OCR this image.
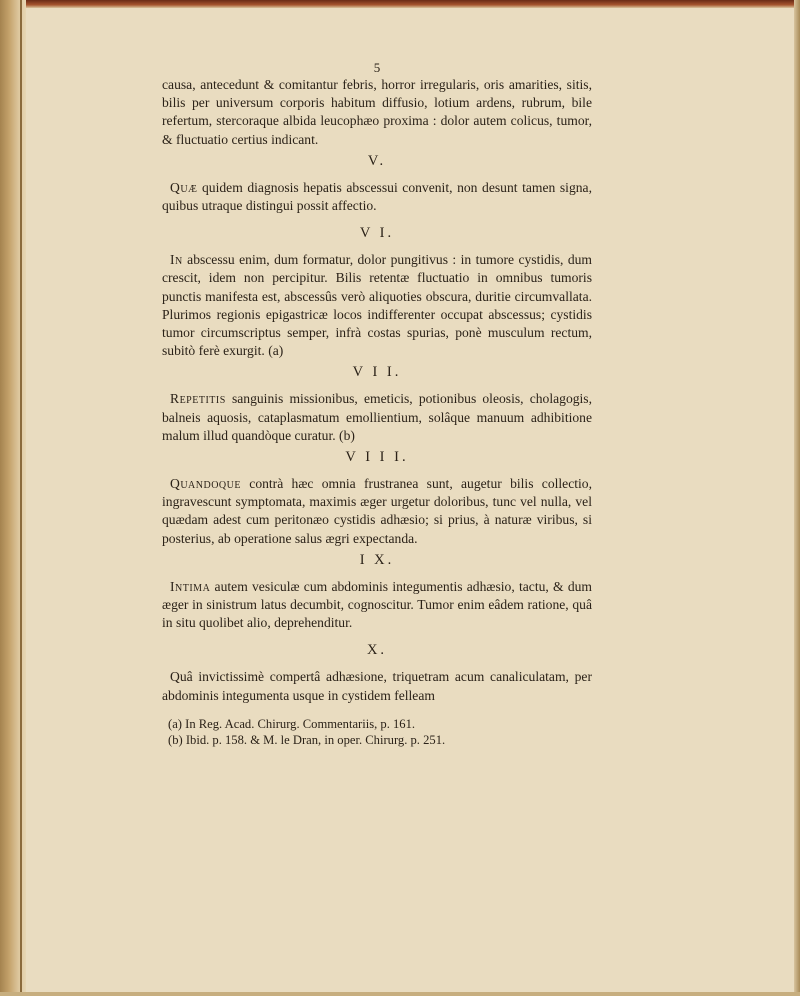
5

causa, antecedunt & comitantur febris, horror irregularis, oris amarities, sitis, bilis per universum corporis habitum diffusio, lotium ardens, rubrum, bile refertum, stercoraque albida leucophæo proxima : dolor autem colicus, tumor, & fluctuatio certius indicant.

V.

Quæ quidem diagnosis hepatis abscessui convenit, non desunt tamen signa, quibus utraque distingui possit affectio.

V I.

In abscessu enim, dum formatur, dolor pungitivus : in tumore cystidis, dum crescit, idem non percipitur. Bilis retentæ fluctuatio in omnibus tumoris punctis manifesta est, abscessûs verò aliquoties obscura, duritie circumvallata. Plurimos regionis epigastricæ locos indifferenter occupat abscessus; cystidis tumor circumscriptus semper, infrà costas spurias, ponè musculum rectum, subitò ferè exurgit. (a)

V I I.

Repetitis sanguinis missionibus, emeticis, potionibus oleosis, cholagogis, balneis aquosis, cataplasmatum emollientium, solâque manuum adhibitione malum illud quandòque curatur. (b)

V I I I.

Quandoque contrà hæc omnia frustranea sunt, augetur bilis collectio, ingravescunt symptomata, maximis æger urgetur doloribus, tunc vel nulla, vel quædam adest cum peritonæo cystidis adhæsio; si prius, à naturæ viribus, si posterius, ab operatione salus ægri expectanda.

I X.

Intima autem vesiculæ cum abdominis integumentis adhæsio, tactu, & dum æger in sinistrum latus decumbit, cognoscitur. Tumor enim eâdem ratione, quâ in situ quolibet alio, deprehenditur.

X.

Quâ invictissimè compertâ adhæsione, triquetram acum canaliculatam, per abdominis integumenta usque in cystidem felleam

(a) In Reg. Acad. Chirurg. Commentariis, p. 161.

(b) Ibid. p. 158. & M. le Dran, in oper. Chirurg. p. 251.
